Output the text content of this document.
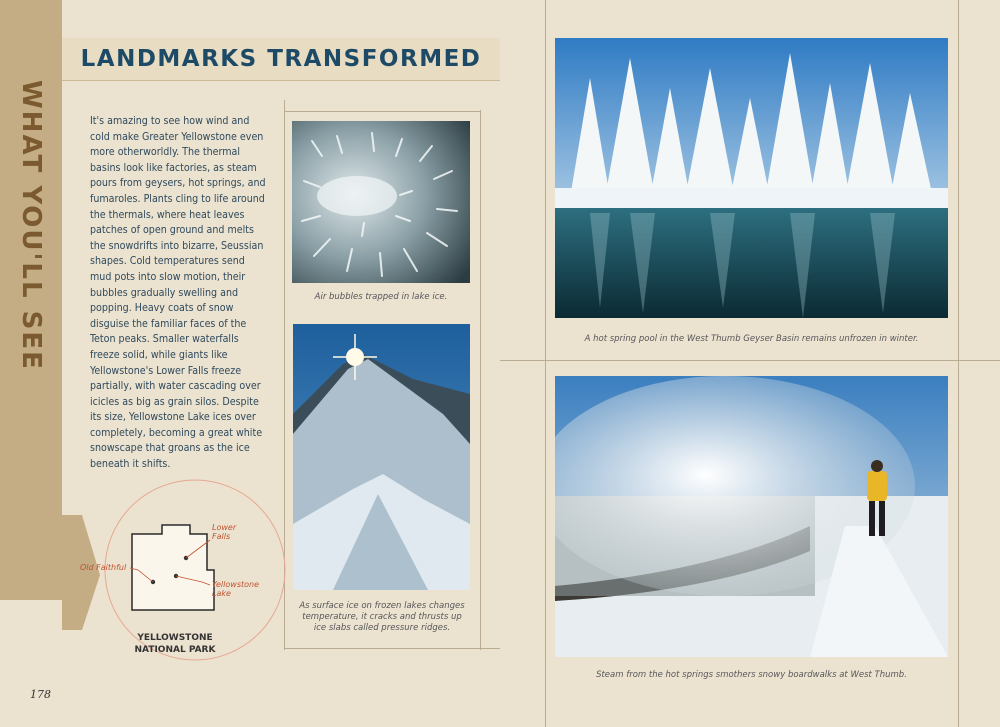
WHAT YOU'LL SEE
LANDMARKS TRANSFORMED
It's amazing to see how wind and cold make Greater Yellowstone even more otherworldly. The thermal basins look like factories, as steam pours from geysers, hot springs, and fumaroles. Plants cling to life around the thermals, where heat leaves patches of open ground and melts the snowdrifts into bizarre, Seussian shapes. Cold temperatures send mud pots into slow motion, their bubbles gradually swelling and popping. Heavy coats of snow disguise the familiar faces of the Teton peaks. Smaller waterfalls freeze solid, while giants like Yellowstone's Lower Falls freeze partially, with water cascading over icicles as big as grain silos. Despite its size, Yellowstone Lake ices over completely, becoming a great white snowscape that groans as the ice beneath it shifts.
Air bubbles trapped in lake ice.
As surface ice on frozen lakes changes temperature, it cracks and thrusts up ice slabs called pressure ridges.
A hot spring pool in the West Thumb Geyser Basin remains unfrozen in winter.
Steam from the hot springs smothers snowy boardwalks at West Thumb.
Lower
Falls
Old Faithful
Yellowstone
Lake
YELLOWSTONE
NATIONAL PARK
178
